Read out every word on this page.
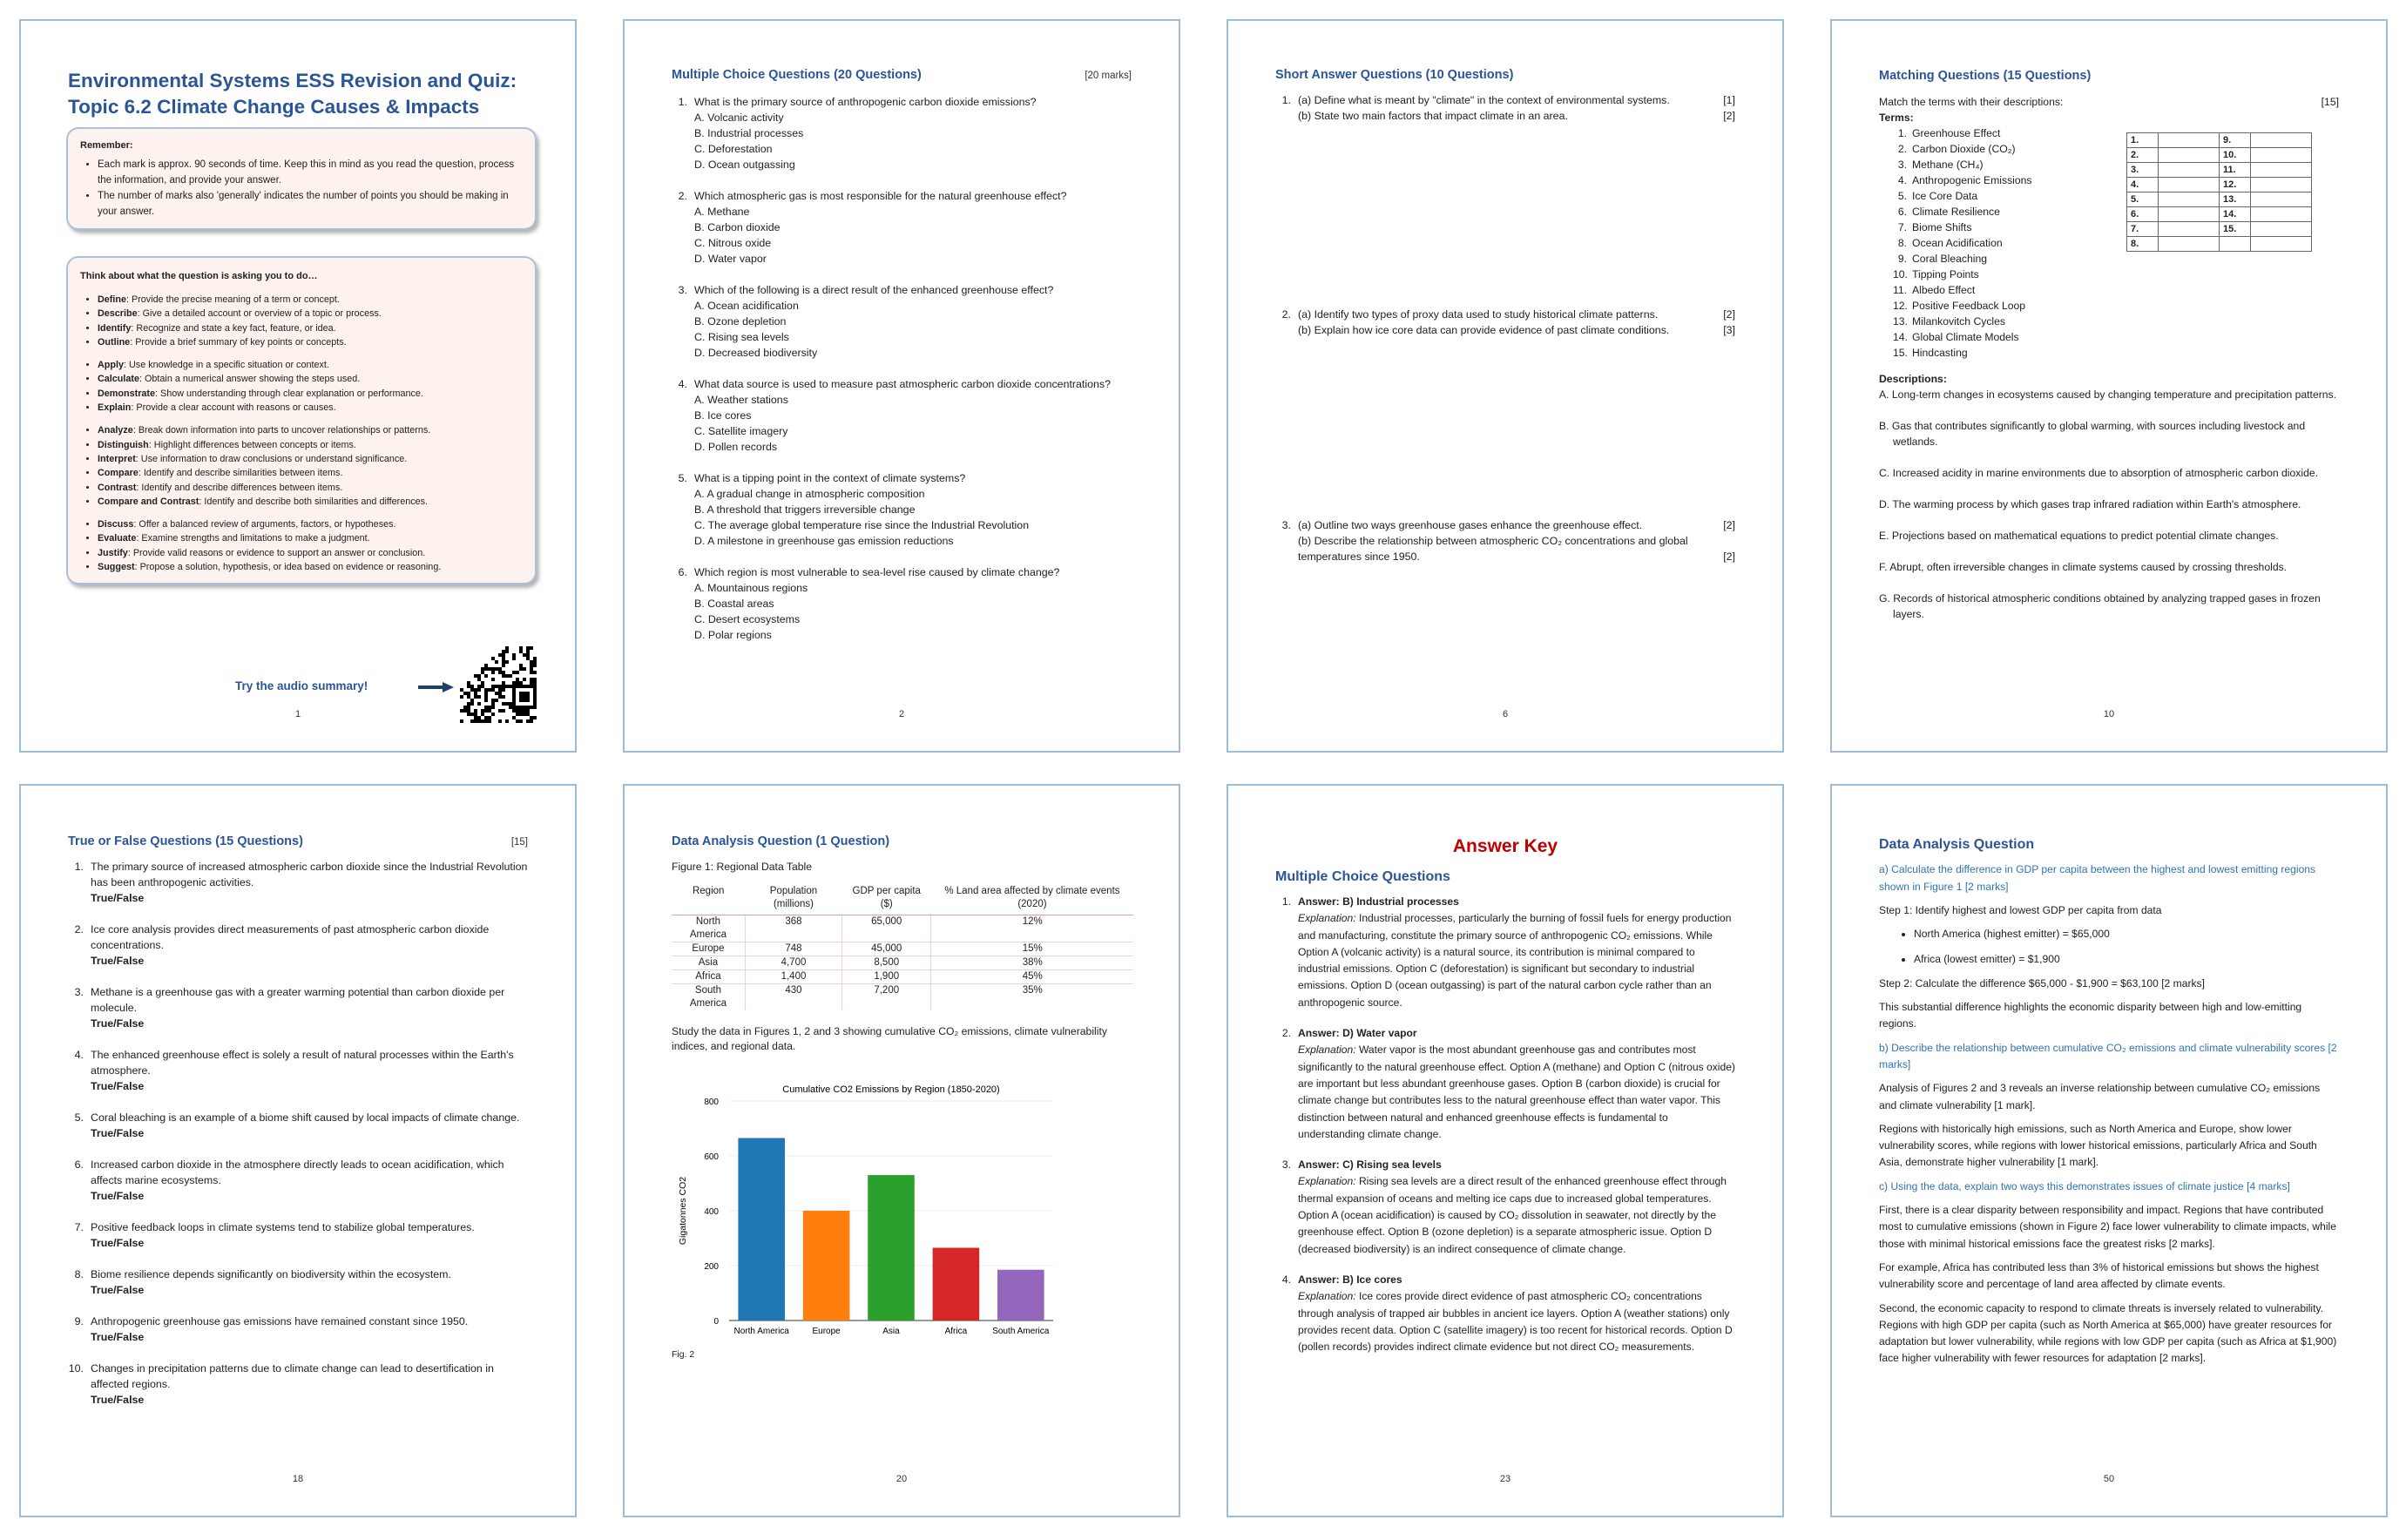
Environmental Systems ESS Revision and Quiz: Topic 6.2 Climate Change Causes & Impacts
Remember:
• Each mark is approx. 90 seconds of time. Keep this in mind as you read the question, process the information, and provide your answer.
• The number of marks also 'generally' indicates the number of points you should be making in your answer.
Think about what the question is asking you to do…
• Define: Provide the precise meaning of a term or concept.
• Describe: Give a detailed account or overview of a topic or process.
• Identify: Recognize and state a key fact, feature, or idea.
• Outline: Provide a brief summary of key points or concepts.
• Apply: Use knowledge in a specific situation or context.
• Calculate: Obtain a numerical answer showing the steps used.
• Demonstrate: Show understanding through clear explanation or performance.
• Explain: Provide a clear account with reasons or causes.
• Analyze: Break down information into parts to uncover relationships or patterns.
• Distinguish: Highlight differences between concepts or items.
• Interpret: Use information to draw conclusions or understand significance.
• Compare: Identify and describe similarities between items.
• Contrast: Identify and describe differences between items.
• Compare and Contrast: Identify and describe both similarities and differences.
• Discuss: Offer a balanced review of arguments, factors, or hypotheses.
• Evaluate: Examine strengths and limitations to make a judgment.
• Justify: Provide valid reasons or evidence to support an answer or conclusion.
• Suggest: Propose a solution, hypothesis, or idea based on evidence or reasoning.
Try the audio summary!
1
Multiple Choice Questions (20 Questions)	[20 marks]
1. What is the primary source of anthropogenic carbon dioxide emissions?
A. Volcanic activity
B. Industrial processes
C. Deforestation
D. Ocean outgassing
2. Which atmospheric gas is most responsible for the natural greenhouse effect?
A. Methane
B. Carbon dioxide
C. Nitrous oxide
D. Water vapor
3. Which of the following is a direct result of the enhanced greenhouse effect?
A. Ocean acidification
B. Ozone depletion
C. Rising sea levels
D. Decreased biodiversity
4. What data source is used to measure past atmospheric carbon dioxide concentrations?
A. Weather stations
B. Ice cores
C. Satellite imagery
D. Pollen records
5. What is a tipping point in the context of climate systems?
A. A gradual change in atmospheric composition
B. A threshold that triggers irreversible change
C. The average global temperature rise since the Industrial Revolution
D. A milestone in greenhouse gas emission reductions
6. Which region is most vulnerable to sea-level rise caused by climate change?
A. Mountainous regions
B. Coastal areas
C. Desert ecosystems
D. Polar regions
2
Short Answer Questions (10 Questions)
1. (a) Define what is meant by "climate" in the context of environmental systems.	[1]
(b) State two main factors that impact climate in an area.	[2]
2. (a) Identify two types of proxy data used to study historical climate patterns.	[2]
(b) Explain how ice core data can provide evidence of past climate conditions.	[3]
3. (a) Outline two ways greenhouse gases enhance the greenhouse effect.	[2]
(b) Describe the relationship between atmospheric CO₂ concentrations and global temperatures since 1950.	[2]
6
Matching Questions (15 Questions)
Match the terms with their descriptions:	[15]
Terms:
1. Greenhouse Effect
2. Carbon Dioxide (CO₂)
3. Methane (CH₄)
4. Anthropogenic Emissions
5. Ice Core Data
6. Climate Resilience
7. Biome Shifts
8. Ocean Acidification
9. Coral Bleaching
10. Tipping Points
11. Albedo Effect
12. Positive Feedback Loop
13. Milankovitch Cycles
14. Global Climate Models
15. Hindcasting
1.		9.	
2.		10.	
3.		11.	
4.		12.	
5.		13.	
6.		14.	
7.		15.	
8.			
Descriptions:
A. Long-term changes in ecosystems caused by changing temperature and precipitation patterns.
B. Gas that contributes significantly to global warming, with sources including livestock and wetlands.
C. Increased acidity in marine environments due to absorption of atmospheric carbon dioxide.
D. The warming process by which gases trap infrared radiation within Earth's atmosphere.
E. Projections based on mathematical equations to predict potential climate changes.
F. Abrupt, often irreversible changes in climate systems caused by crossing thresholds.
G. Records of historical atmospheric conditions obtained by analyzing trapped gases in frozen layers.
10
True or False Questions (15 Questions)	[15]
1. The primary source of increased atmospheric carbon dioxide since the Industrial Revolution has been anthropogenic activities.
True/False
2. Ice core analysis provides direct measurements of past atmospheric carbon dioxide concentrations.
True/False
3. Methane is a greenhouse gas with a greater warming potential than carbon dioxide per molecule.
True/False
4. The enhanced greenhouse effect is solely a result of natural processes within the Earth's atmosphere.
True/False
5. Coral bleaching is an example of a biome shift caused by local impacts of climate change.
True/False
6. Increased carbon dioxide in the atmosphere directly leads to ocean acidification, which affects marine ecosystems.
True/False
7. Positive feedback loops in climate systems tend to stabilize global temperatures.
True/False
8. Biome resilience depends significantly on biodiversity within the ecosystem.
True/False
9. Anthropogenic greenhouse gas emissions have remained constant since 1950.
True/False
10. Changes in precipitation patterns due to climate change can lead to desertification in affected regions.
True/False
18
Data Analysis Question (1 Question)
Figure 1: Regional Data Table
Region	Population (millions)	GDP per capita ($)	% Land area affected by climate events (2020)
North America	368	65,000	12%
Europe	748	45,000	15%
Asia	4,700	8,500	38%
Africa	1,400	1,900	45%
South America	430	7,200	35%
Study the data in Figures 1, 2 and 3 showing cumulative CO₂ emissions, climate vulnerability indices, and regional data.
Cumulative CO2 Emissions by Region (1850-2020)
0
200
400
600
800
Gigatonnes CO2
North America	Europe	Asia	Africa	South America
Fig. 2
20
Answer Key
Multiple Choice Questions
1. Answer: B) Industrial processes
Explanation: Industrial processes, particularly the burning of fossil fuels for energy production and manufacturing, constitute the primary source of anthropogenic CO₂ emissions. While Option A (volcanic activity) is a natural source, its contribution is minimal compared to industrial emissions. Option C (deforestation) is significant but secondary to industrial emissions. Option D (ocean outgassing) is part of the natural carbon cycle rather than an anthropogenic source.
2. Answer: D) Water vapor
Explanation: Water vapor is the most abundant greenhouse gas and contributes most significantly to the natural greenhouse effect. Option A (methane) and Option C (nitrous oxide) are important but less abundant greenhouse gases. Option B (carbon dioxide) is crucial for climate change but contributes less to the natural greenhouse effect than water vapor. This distinction between natural and enhanced greenhouse effects is fundamental to understanding climate change.
3. Answer: C) Rising sea levels
Explanation: Rising sea levels are a direct result of the enhanced greenhouse effect through thermal expansion of oceans and melting ice caps due to increased global temperatures. Option A (ocean acidification) is caused by CO₂ dissolution in seawater, not directly by the greenhouse effect. Option B (ozone depletion) is a separate atmospheric issue. Option D (decreased biodiversity) is an indirect consequence of climate change.
4. Answer: B) Ice cores
Explanation: Ice cores provide direct evidence of past atmospheric CO₂ concentrations through analysis of trapped air bubbles in ancient ice layers. Option A (weather stations) only provides recent data. Option C (satellite imagery) is too recent for historical records. Option D (pollen records) provides indirect climate evidence but not direct CO₂ measurements.
23
Data Analysis Question
a) Calculate the difference in GDP per capita between the highest and lowest emitting regions shown in Figure 1 [2 marks]
Step 1: Identify highest and lowest GDP per capita from data
• North America (highest emitter) = $65,000
• Africa (lowest emitter) = $1,900
Step 2: Calculate the difference $65,000 - $1,900 = $63,100 [2 marks]
This substantial difference highlights the economic disparity between high and low-emitting regions.
b) Describe the relationship between cumulative CO₂ emissions and climate vulnerability scores [2 marks]
Analysis of Figures 2 and 3 reveals an inverse relationship between cumulative CO₂ emissions and climate vulnerability [1 mark].
Regions with historically high emissions, such as North America and Europe, show lower vulnerability scores, while regions with lower historical emissions, particularly Africa and South Asia, demonstrate higher vulnerability [1 mark].
c) Using the data, explain two ways this demonstrates issues of climate justice [4 marks]
First, there is a clear disparity between responsibility and impact. Regions that have contributed most to cumulative emissions (shown in Figure 2) face lower vulnerability to climate impacts, while those with minimal historical emissions face the greatest risks [2 marks].
For example, Africa has contributed less than 3% of historical emissions but shows the highest vulnerability score and percentage of land area affected by climate events.
Second, the economic capacity to respond to climate threats is inversely related to vulnerability. Regions with high GDP per capita (such as North America at $65,000) have greater resources for adaptation but lower vulnerability, while regions with low GDP per capita (such as Africa at $1,900) face higher vulnerability with fewer resources for adaptation [2 marks].
50
